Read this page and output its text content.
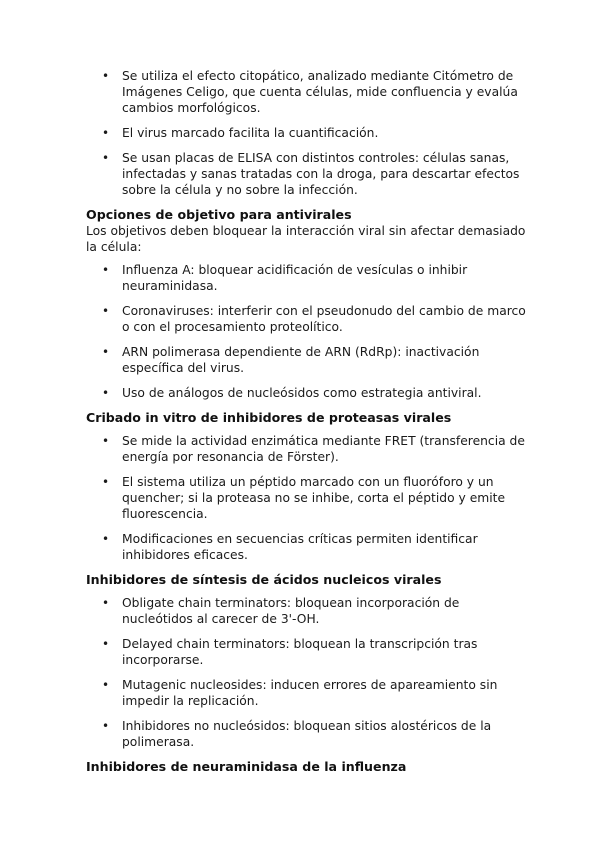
• Se utiliza el efecto citopático, analizado mediante Citómetro de Imágenes Celigo, que cuenta células, mide confluencia y evalúa cambios morfológicos.
• El virus marcado facilita la cuantificación.
• Se usan placas de ELISA con distintos controles: células sanas, infectadas y sanas tratadas con la droga, para descartar efectos sobre la célula y no sobre la infección.
Opciones de objetivo para antivirales

Los objetivos deben bloquear la interacción viral sin afectar demasiado la célula:

• Influenza A: bloquear acidificación de vesículas o inhibir neuraminidasa.
• Coronaviruses: interferir con el pseudonudo del cambio de marco o con el procesamiento proteolítico.
• ARN polimerasa dependiente de ARN (RdRp): inactivación específica del virus.
• Uso de análogos de nucleósidos como estrategia antiviral.
Cribado in vitro de inhibidores de proteasas virales
• Se mide la actividad enzimática mediante FRET (transferencia de energía por resonancia de Förster).
• El sistema utiliza un péptido marcado con un fluoróforo y un quencher; si la proteasa no se inhibe, corta el péptido y emite fluorescencia.
• Modificaciones en secuencias críticas permiten identificar inhibidores eficaces.
Inhibidores de síntesis de ácidos nucleicos virales
• Obligate chain terminators: bloquean incorporación de nucleótidos al carecer de 3'-OH.
• Delayed chain terminators: bloquean la transcripción tras incorporarse.
• Mutagenic nucleosides: inducen errores de apareamiento sin impedir la replicación.
• Inhibidores no nucleósidos: bloquean sitios alostéricos de la polimerasa.
Inhibidores de neuraminidasa de la influenza
